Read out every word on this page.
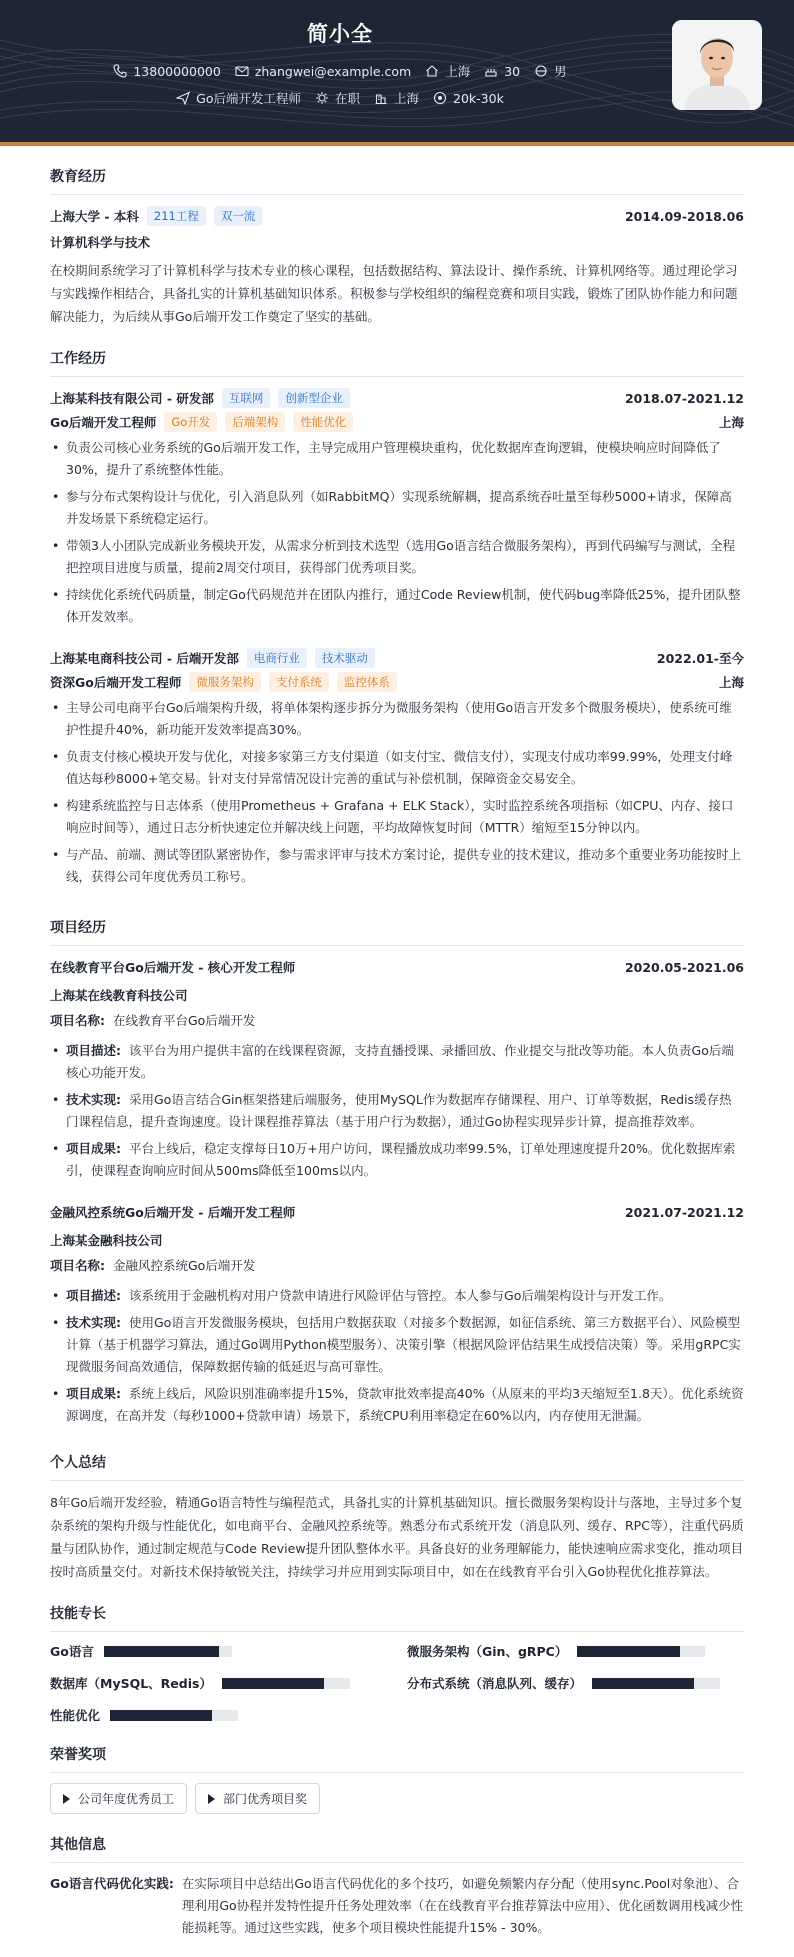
简小全
13800000000	zhangwei@example.com	上海	30	男
Go后端开发工程师	在职	上海	20k-30k
教育经历
上海大学 - 本科	211工程	双一流	2014.09-2018.06
计算机科学与技术
在校期间系统学习了计算机科学与技术专业的核心课程，包括数据结构、算法设计、操作系统、计算机网络等。通过理论学习与实践操作相结合，具备扎实的计算机基础知识体系。积极参与学校组织的编程竞赛和项目实践，锻炼了团队协作能力和问题解决能力，为后续从事Go后端开发工作奠定了坚实的基础。
工作经历
上海某科技有限公司 - 研发部	互联网	创新型企业	2018.07-2021.12
Go后端开发工程师	Go开发	后端架构	性能优化	上海
• 负责公司核心业务系统的Go后端开发工作，主导完成用户管理模块重构，优化数据库查询逻辑，使模块响应时间降低了30%，提升了系统整体性能。
• 参与分布式架构设计与优化，引入消息队列（如RabbitMQ）实现系统解耦，提高系统吞吐量至每秒5000+请求，保障高并发场景下系统稳定运行。
• 带领3人小团队完成新业务模块开发，从需求分析到技术选型（选用Go语言结合微服务架构），再到代码编写与测试，全程把控项目进度与质量，提前2周交付项目，获得部门优秀项目奖。
• 持续优化系统代码质量，制定Go代码规范并在团队内推行，通过Code Review机制，使代码bug率降低25%，提升团队整体开发效率。
上海某电商科技公司 - 后端开发部	电商行业	技术驱动	2022.01-至今
资深Go后端开发工程师	微服务架构	支付系统	监控体系	上海
• 主导公司电商平台Go后端架构升级，将单体架构逐步拆分为微服务架构（使用Go语言开发多个微服务模块），使系统可维护性提升40%，新功能开发效率提高30%。
• 负责支付核心模块开发与优化，对接多家第三方支付渠道（如支付宝、微信支付），实现支付成功率99.99%，处理支付峰值达每秒8000+笔交易。针对支付异常情况设计完善的重试与补偿机制，保障资金交易安全。
• 构建系统监控与日志体系（使用Prometheus + Grafana + ELK Stack），实时监控系统各项指标（如CPU、内存、接口响应时间等），通过日志分析快速定位并解决线上问题，平均故障恢复时间（MTTR）缩短至15分钟以内。
• 与产品、前端、测试等团队紧密协作，参与需求评审与技术方案讨论，提供专业的技术建议，推动多个重要业务功能按时上线，获得公司年度优秀员工称号。
项目经历
在线教育平台Go后端开发 - 核心开发工程师	2020.05-2021.06
上海某在线教育科技公司
项目名称: 在线教育平台Go后端开发
• 项目描述: 该平台为用户提供丰富的在线课程资源，支持直播授课、录播回放、作业提交与批改等功能。本人负责Go后端核心功能开发。
• 技术实现: 采用Go语言结合Gin框架搭建后端服务，使用MySQL作为数据库存储课程、用户、订单等数据，Redis缓存热门课程信息，提升查询速度。设计课程推荐算法（基于用户行为数据），通过Go协程实现异步计算，提高推荐效率。
• 项目成果: 平台上线后，稳定支撑每日10万+用户访问，课程播放成功率99.5%，订单处理速度提升20%。优化数据库索引，使课程查询响应时间从500ms降低至100ms以内。
金融风控系统Go后端开发 - 后端开发工程师	2021.07-2021.12
上海某金融科技公司
项目名称: 金融风控系统Go后端开发
• 项目描述: 该系统用于金融机构对用户贷款申请进行风险评估与管控。本人参与Go后端架构设计与开发工作。
• 技术实现: 使用Go语言开发微服务模块，包括用户数据获取（对接多个数据源，如征信系统、第三方数据平台）、风险模型计算（基于机器学习算法，通过Go调用Python模型服务）、决策引擎（根据风险评估结果生成授信决策）等。采用gRPC实现微服务间高效通信，保障数据传输的低延迟与高可靠性。
• 项目成果: 系统上线后，风险识别准确率提升15%，贷款审批效率提高40%（从原来的平均3天缩短至1.8天）。优化系统资源调度，在高并发（每秒1000+贷款申请）场景下，系统CPU利用率稳定在60%以内，内存使用无泄漏。
个人总结
8年Go后端开发经验，精通Go语言特性与编程范式，具备扎实的计算机基础知识。擅长微服务架构设计与落地，主导过多个复杂系统的架构升级与性能优化，如电商平台、金融风控系统等。熟悉分布式系统开发（消息队列、缓存、RPC等），注重代码质量与团队协作，通过制定规范与Code Review提升团队整体水平。具备良好的业务理解能力，能快速响应需求变化，推动项目按时高质量交付。对新技术保持敏锐关注，持续学习并应用到实际项目中，如在在线教育平台引入Go协程优化推荐算法。
技能专长
Go语言	微服务架构（Gin、gRPC）
数据库（MySQL、Redis）	分布式系统（消息队列、缓存）
性能优化
荣誉奖项
公司年度优秀员工	部门优秀项目奖
其他信息
Go语言代码优化实践: 在实际项目中总结出Go语言代码优化的多个技巧，如避免频繁内存分配（使用sync.Pool对象池）、合理利用Go协程并发特性提升任务处理效率（在在线教育平台推荐算法中应用）、优化函数调用栈减少性能损耗等。通过这些实践，使多个项目模块性能提升15% - 30%。
